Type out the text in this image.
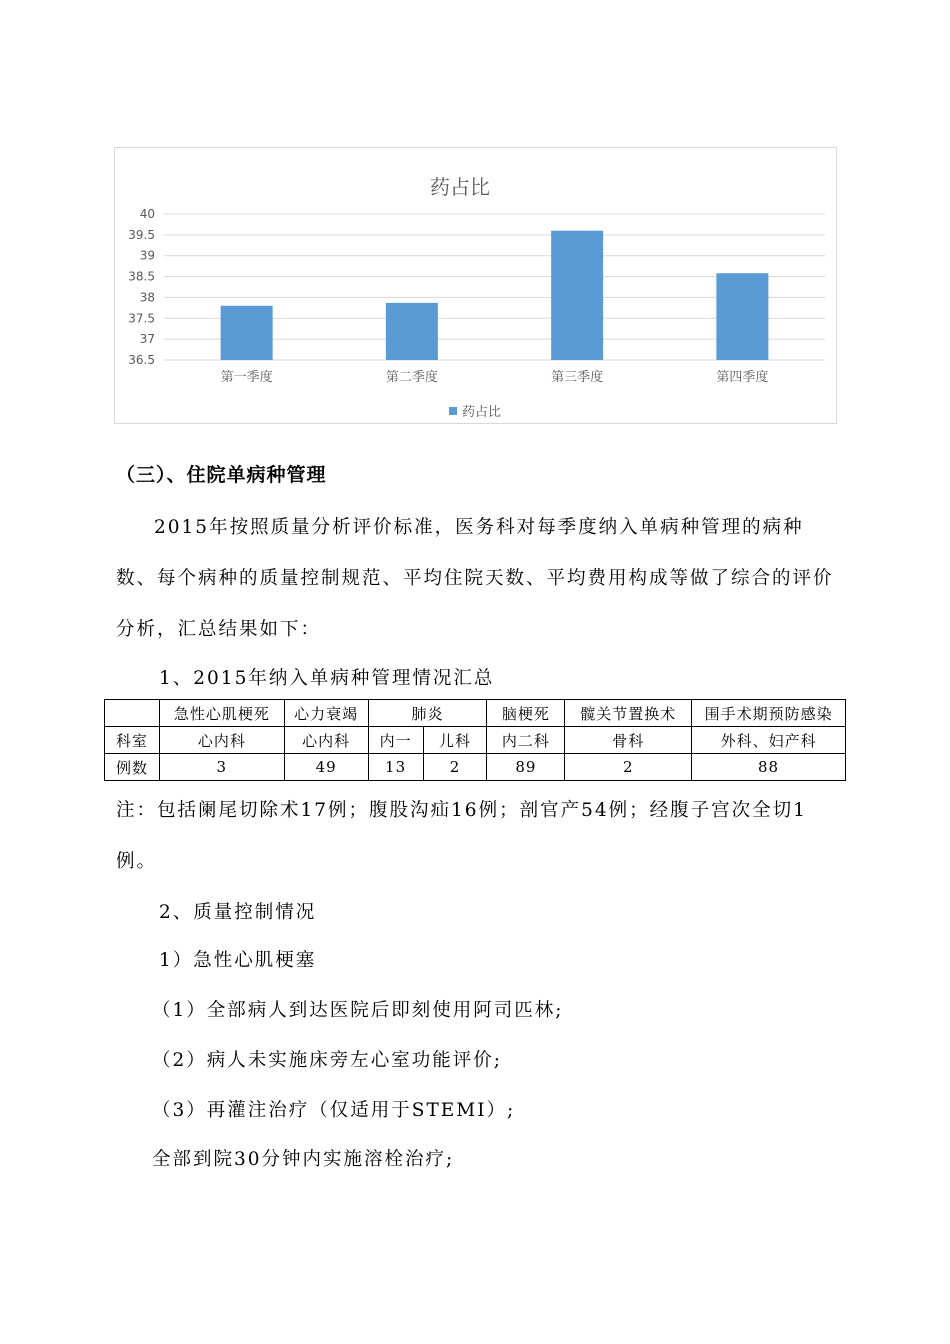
药占比
36.5
37
37.5
38
38.5
39
39.5
40
第一季度	第二季度	第三季度	第四季度
药占比
（三）、住院单病种管理
2015年按照质量分析评价标准，医务科对每季度纳入单病种管理的病种数、每个病种的质量控制规范、平均住院天数、平均费用构成等做了综合的评价分析，汇总结果如下：
1、2015年纳入单病种管理情况汇总
	急性心肌梗死	心力衰竭	肺炎		脑梗死	髋关节置换术	围手术期预防感染
科室	心内科	心内科	内一	儿科	内二科	骨科	外科、妇产科
例数	3	49	13	2	89	2	88
注：包括阑尾切除术17例；腹股沟疝16例；剖官产54例；经腹子宫次全切1例。
2、质量控制情况
1）急性心肌梗塞
（1）全部病人到达医院后即刻使用阿司匹林;
（2）病人未实施床旁左心室功能评价;
（3）再灌注治疗（仅适用于STEMI）;
全部到院30分钟内实施溶栓治疗;
